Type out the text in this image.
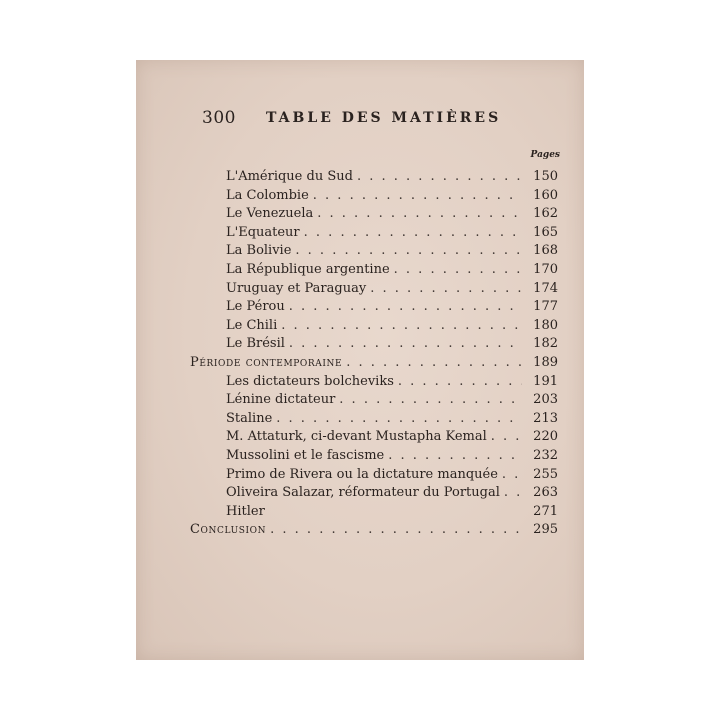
300 TABLE DES MATIÈRES
Pages
L'Amérique du Sud . . .	150
La Colombie . . .	160
Le Venezuela . . .	162
L'Equateur . . .	165
La Bolivie . . .	168
La République argentine . . .	170
Uruguay et Paraguay . . .	174
Le Pérou . . .	177
Le Chili . . .	180
Le Brésil . . .	182
Période contemporaine . . .	189
Les dictateurs bolcheviks . . .	191
Lénine dictateur . . .	203
Staline . . .	213
M. Attaturk, ci-devant Mustapha Kemal . . .	220
Mussolini et le fascisme . . .	232
Primo de Rivera ou la dictature manquée . . .	255
Oliveira Salazar, réformateur du Portugal . . .	263
Hitler	271
Conclusion . . .	295
